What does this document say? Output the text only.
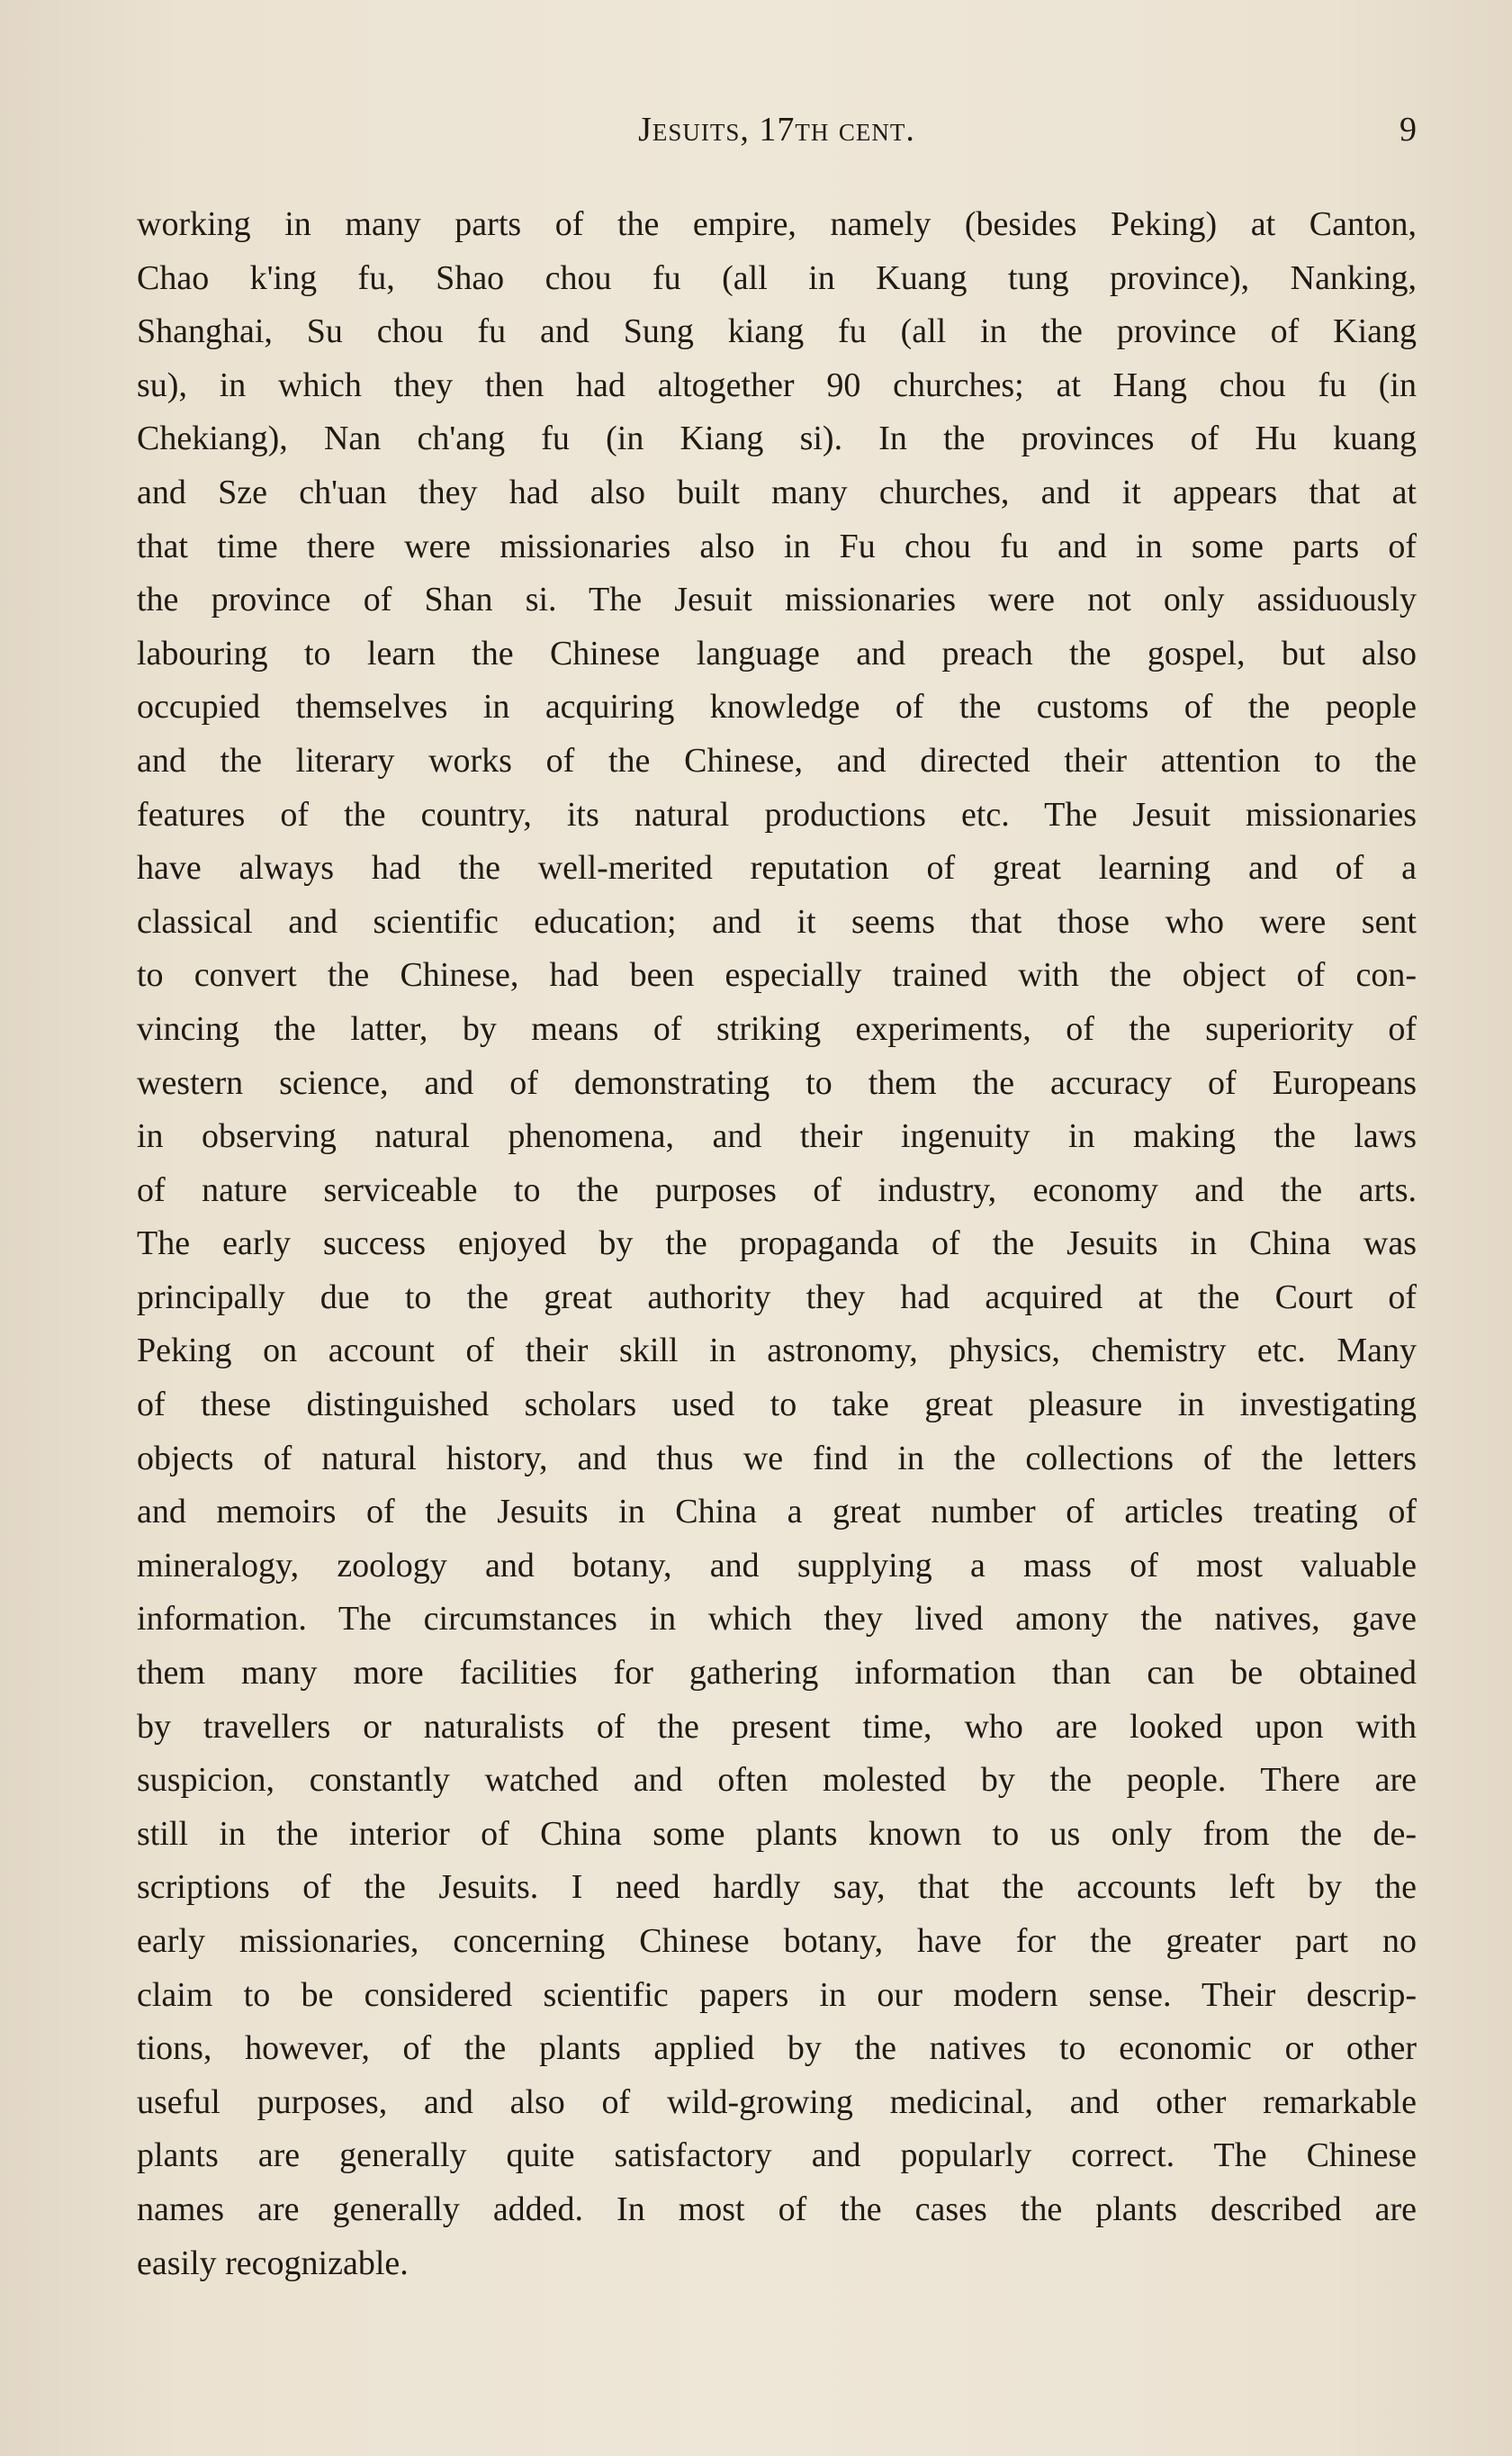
Jesuits, 17th cent.	9
working in many parts of the empire, namely (besides Peking) at Canton,
Chao k'ing fu, Shao chou fu (all in Kuang tung province), Nanking,
Shanghai, Su chou fu and Sung kiang fu (all in the province of Kiang
su), in which they then had altogether 90 churches; at Hang chou fu (in
Chekiang), Nan ch'ang fu (in Kiang si). In the provinces of Hu kuang
and Sze ch'uan they had also built many churches, and it appears that at
that time there were missionaries also in Fu chou fu and in some parts of
the province of Shan si. The Jesuit missionaries were not only assiduously
labouring to learn the Chinese language and preach the gospel, but also
occupied themselves in acquiring knowledge of the customs of the people
and the literary works of the Chinese, and directed their attention to the
features of the country, its natural productions etc. The Jesuit missionaries
have always had the well-merited reputation of great learning and of a
classical and scientific education; and it seems that those who were sent
to convert the Chinese, had been especially trained with the object of con-
vincing the latter, by means of striking experiments, of the superiority of
western science, and of demonstrating to them the accuracy of Europeans
in observing natural phenomena, and their ingenuity in making the laws
of nature serviceable to the purposes of industry, economy and the arts.
The early success enjoyed by the propaganda of the Jesuits in China was
principally due to the great authority they had acquired at the Court of
Peking on account of their skill in astronomy, physics, chemistry etc. Many
of these distinguished scholars used to take great pleasure in investigating
objects of natural history, and thus we find in the collections of the letters
and memoirs of the Jesuits in China a great number of articles treating of
mineralogy, zoology and botany, and supplying a mass of most valuable
information. The circumstances in which they lived amony the natives, gave
them many more facilities for gathering information than can be obtained
by travellers or naturalists of the present time, who are looked upon with
suspicion, constantly watched and often molested by the people. There are
still in the interior of China some plants known to us only from the de-
scriptions of the Jesuits. I need hardly say, that the accounts left by the
early missionaries, concerning Chinese botany, have for the greater part no
claim to be considered scientific papers in our modern sense. Their descrip-
tions, however, of the plants applied by the natives to economic or other
useful purposes, and also of wild-growing medicinal, and other remarkable
plants are generally quite satisfactory and popularly correct. The Chinese
names are generally added. In most of the cases the plants described are
easily recognizable.
